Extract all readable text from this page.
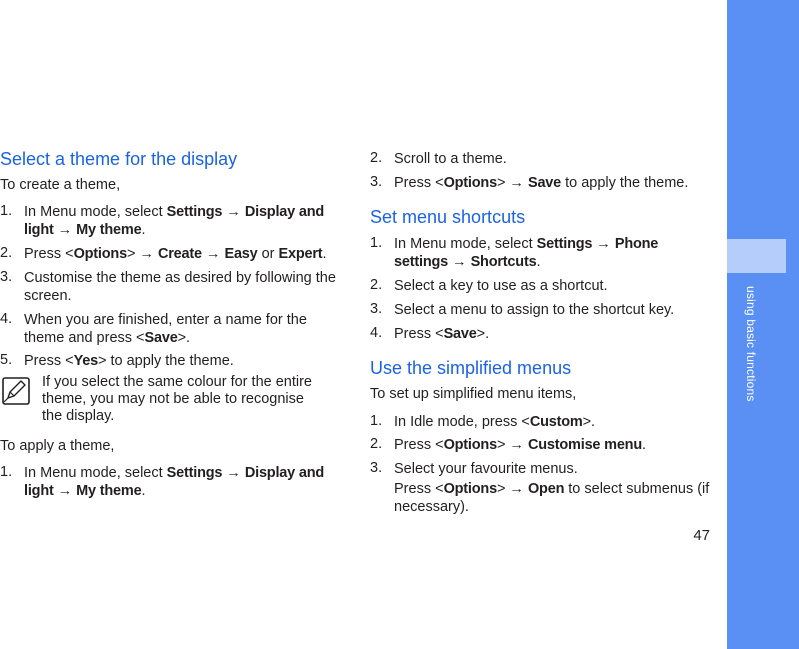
using basic functions
47
Select a theme for the display

To create a theme,

1. In Menu mode, select Settings → Display and light → My theme.
2. Press <Options> → Create → Easy or Expert.
3. Customise the theme as desired by following the screen.
4. When you are finished, enter a name for the theme and press <Save>.
5. Press <Yes> to apply the theme.
If you select the same colour for the entire theme, you may not be able to recognise the display.

To apply a theme,

1. In Menu mode, select Settings → Display and light → My theme.
2. Scroll to a theme.
3. Press <Options> → Save to apply the theme.
Set menu shortcuts
1. In Menu mode, select Settings → Phone settings → Shortcuts.
2. Select a key to use as a shortcut.
3. Select a menu to assign to the shortcut key.
4. Press <Save>.
Use the simplified menus

To set up simplified menu items,

1. In Idle mode, press <Custom>.
2. Press <Options> → Customise menu.
3. Select your favourite menus.
Press <Options> → Open to select submenus (if necessary).
